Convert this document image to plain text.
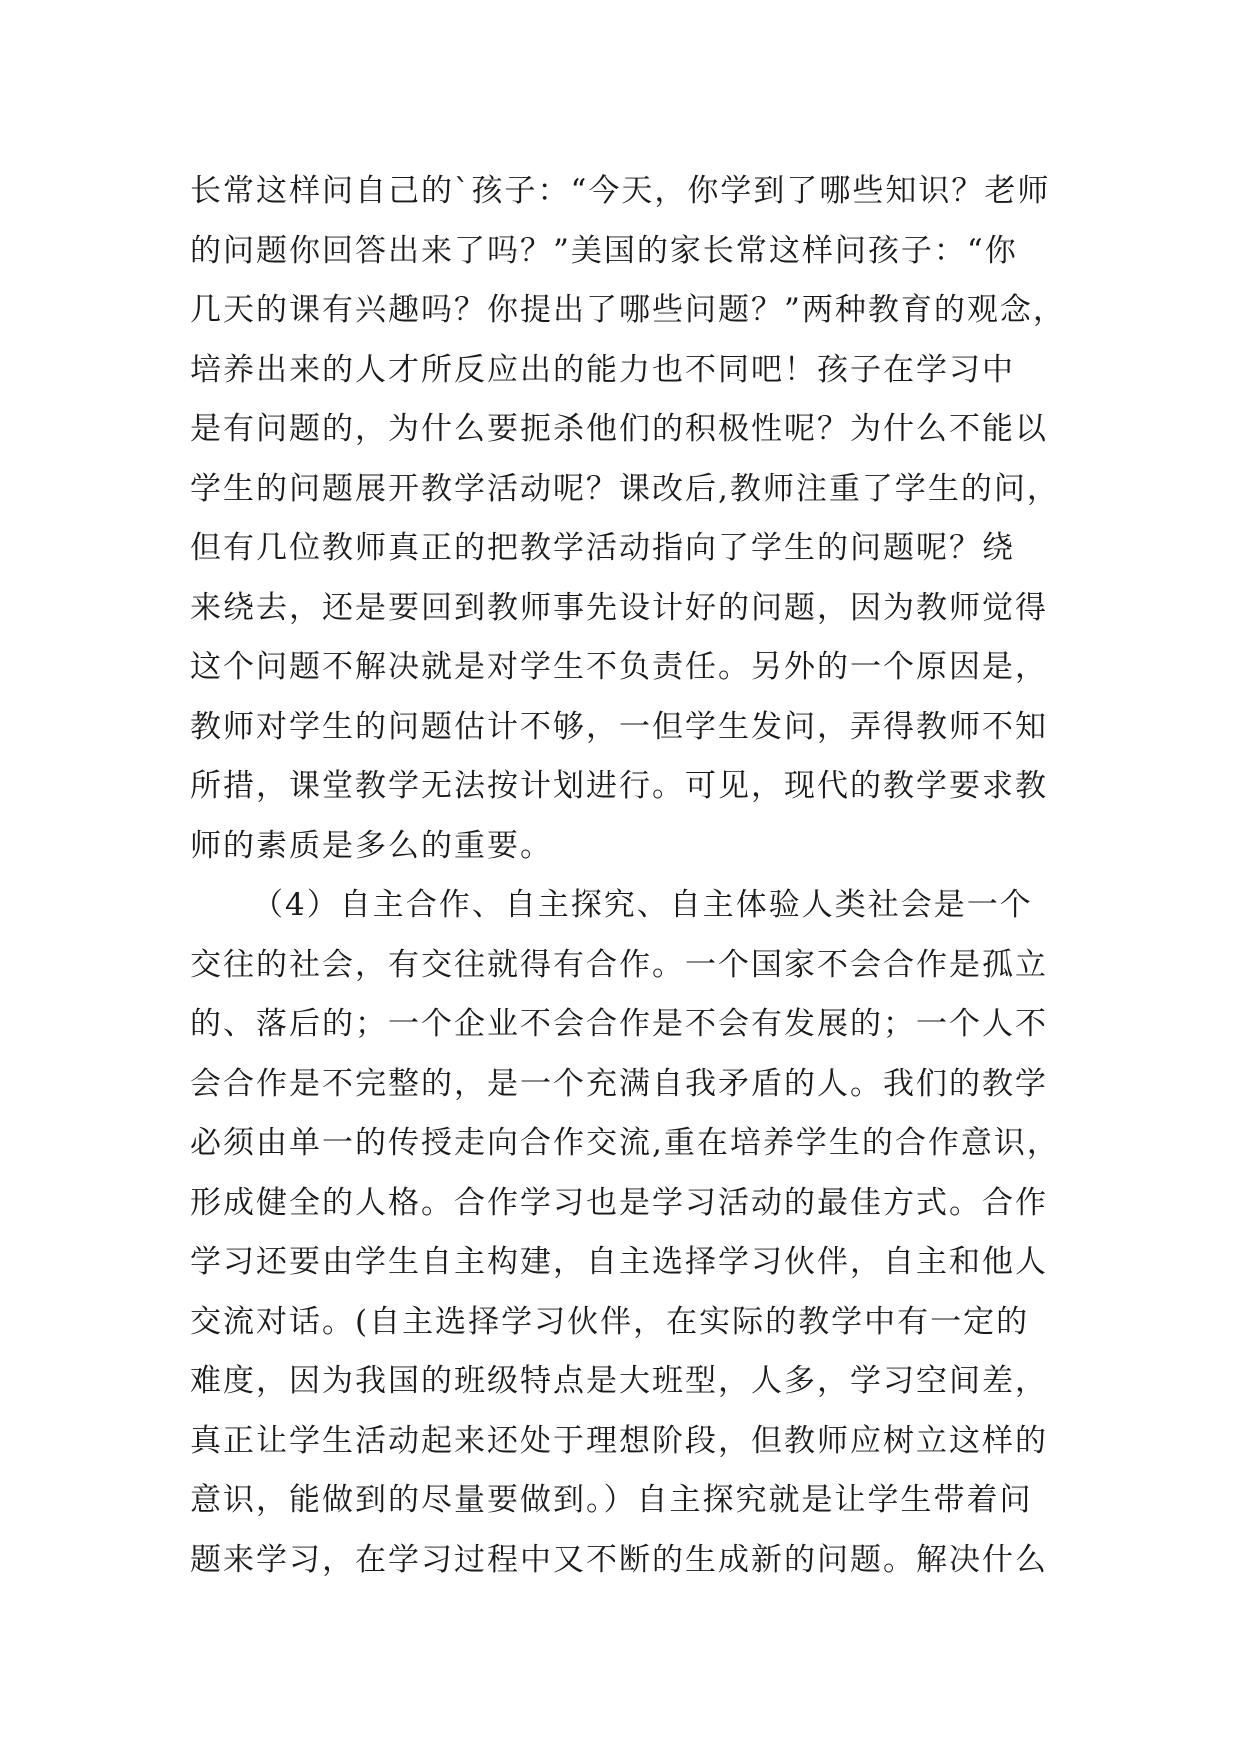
长常这样问自己的`孩子：“今天，你学到了哪些知识？老师
的问题你回答出来了吗？”美国的家长常这样问孩子：“你
几天的课有兴趣吗？你提出了哪些问题？”两种教育的观念，
培养出来的人才所反应出的能力也不同吧！孩子在学习中
是有问题的，为什么要扼杀他们的积极性呢？为什么不能以
学生的问题展开教学活动呢？课改后,教师注重了学生的问，
但有几位教师真正的把教学活动指向了学生的问题呢？绕
来绕去，还是要回到教师事先设计好的问题，因为教师觉得
这个问题不解决就是对学生不负责任。另外的一个原因是，
教师对学生的问题估计不够，一但学生发问，弄得教师不知
所措，课堂教学无法按计划进行。可见，现代的教学要求教
师的素质是多么的重要。
（4）自主合作、自主探究、自主体验人类社会是一个
交往的社会，有交往就得有合作。一个国家不会合作是孤立
的、落后的；一个企业不会合作是不会有发展的；一个人不
会合作是不完整的，是一个充满自我矛盾的人。我们的教学
必须由单一的传授走向合作交流,重在培养学生的合作意识，
形成健全的人格。合作学习也是学习活动的最佳方式。合作
学习还要由学生自主构建，自主选择学习伙伴，自主和他人
交流对话。(自主选择学习伙伴，在实际的教学中有一定的
难度，因为我国的班级特点是大班型，人多，学习空间差，
真正让学生活动起来还处于理想阶段，但教师应树立这样的
意识，能做到的尽量要做到。）自主探究就是让学生带着问
题来学习，在学习过程中又不断的生成新的问题。解决什么
